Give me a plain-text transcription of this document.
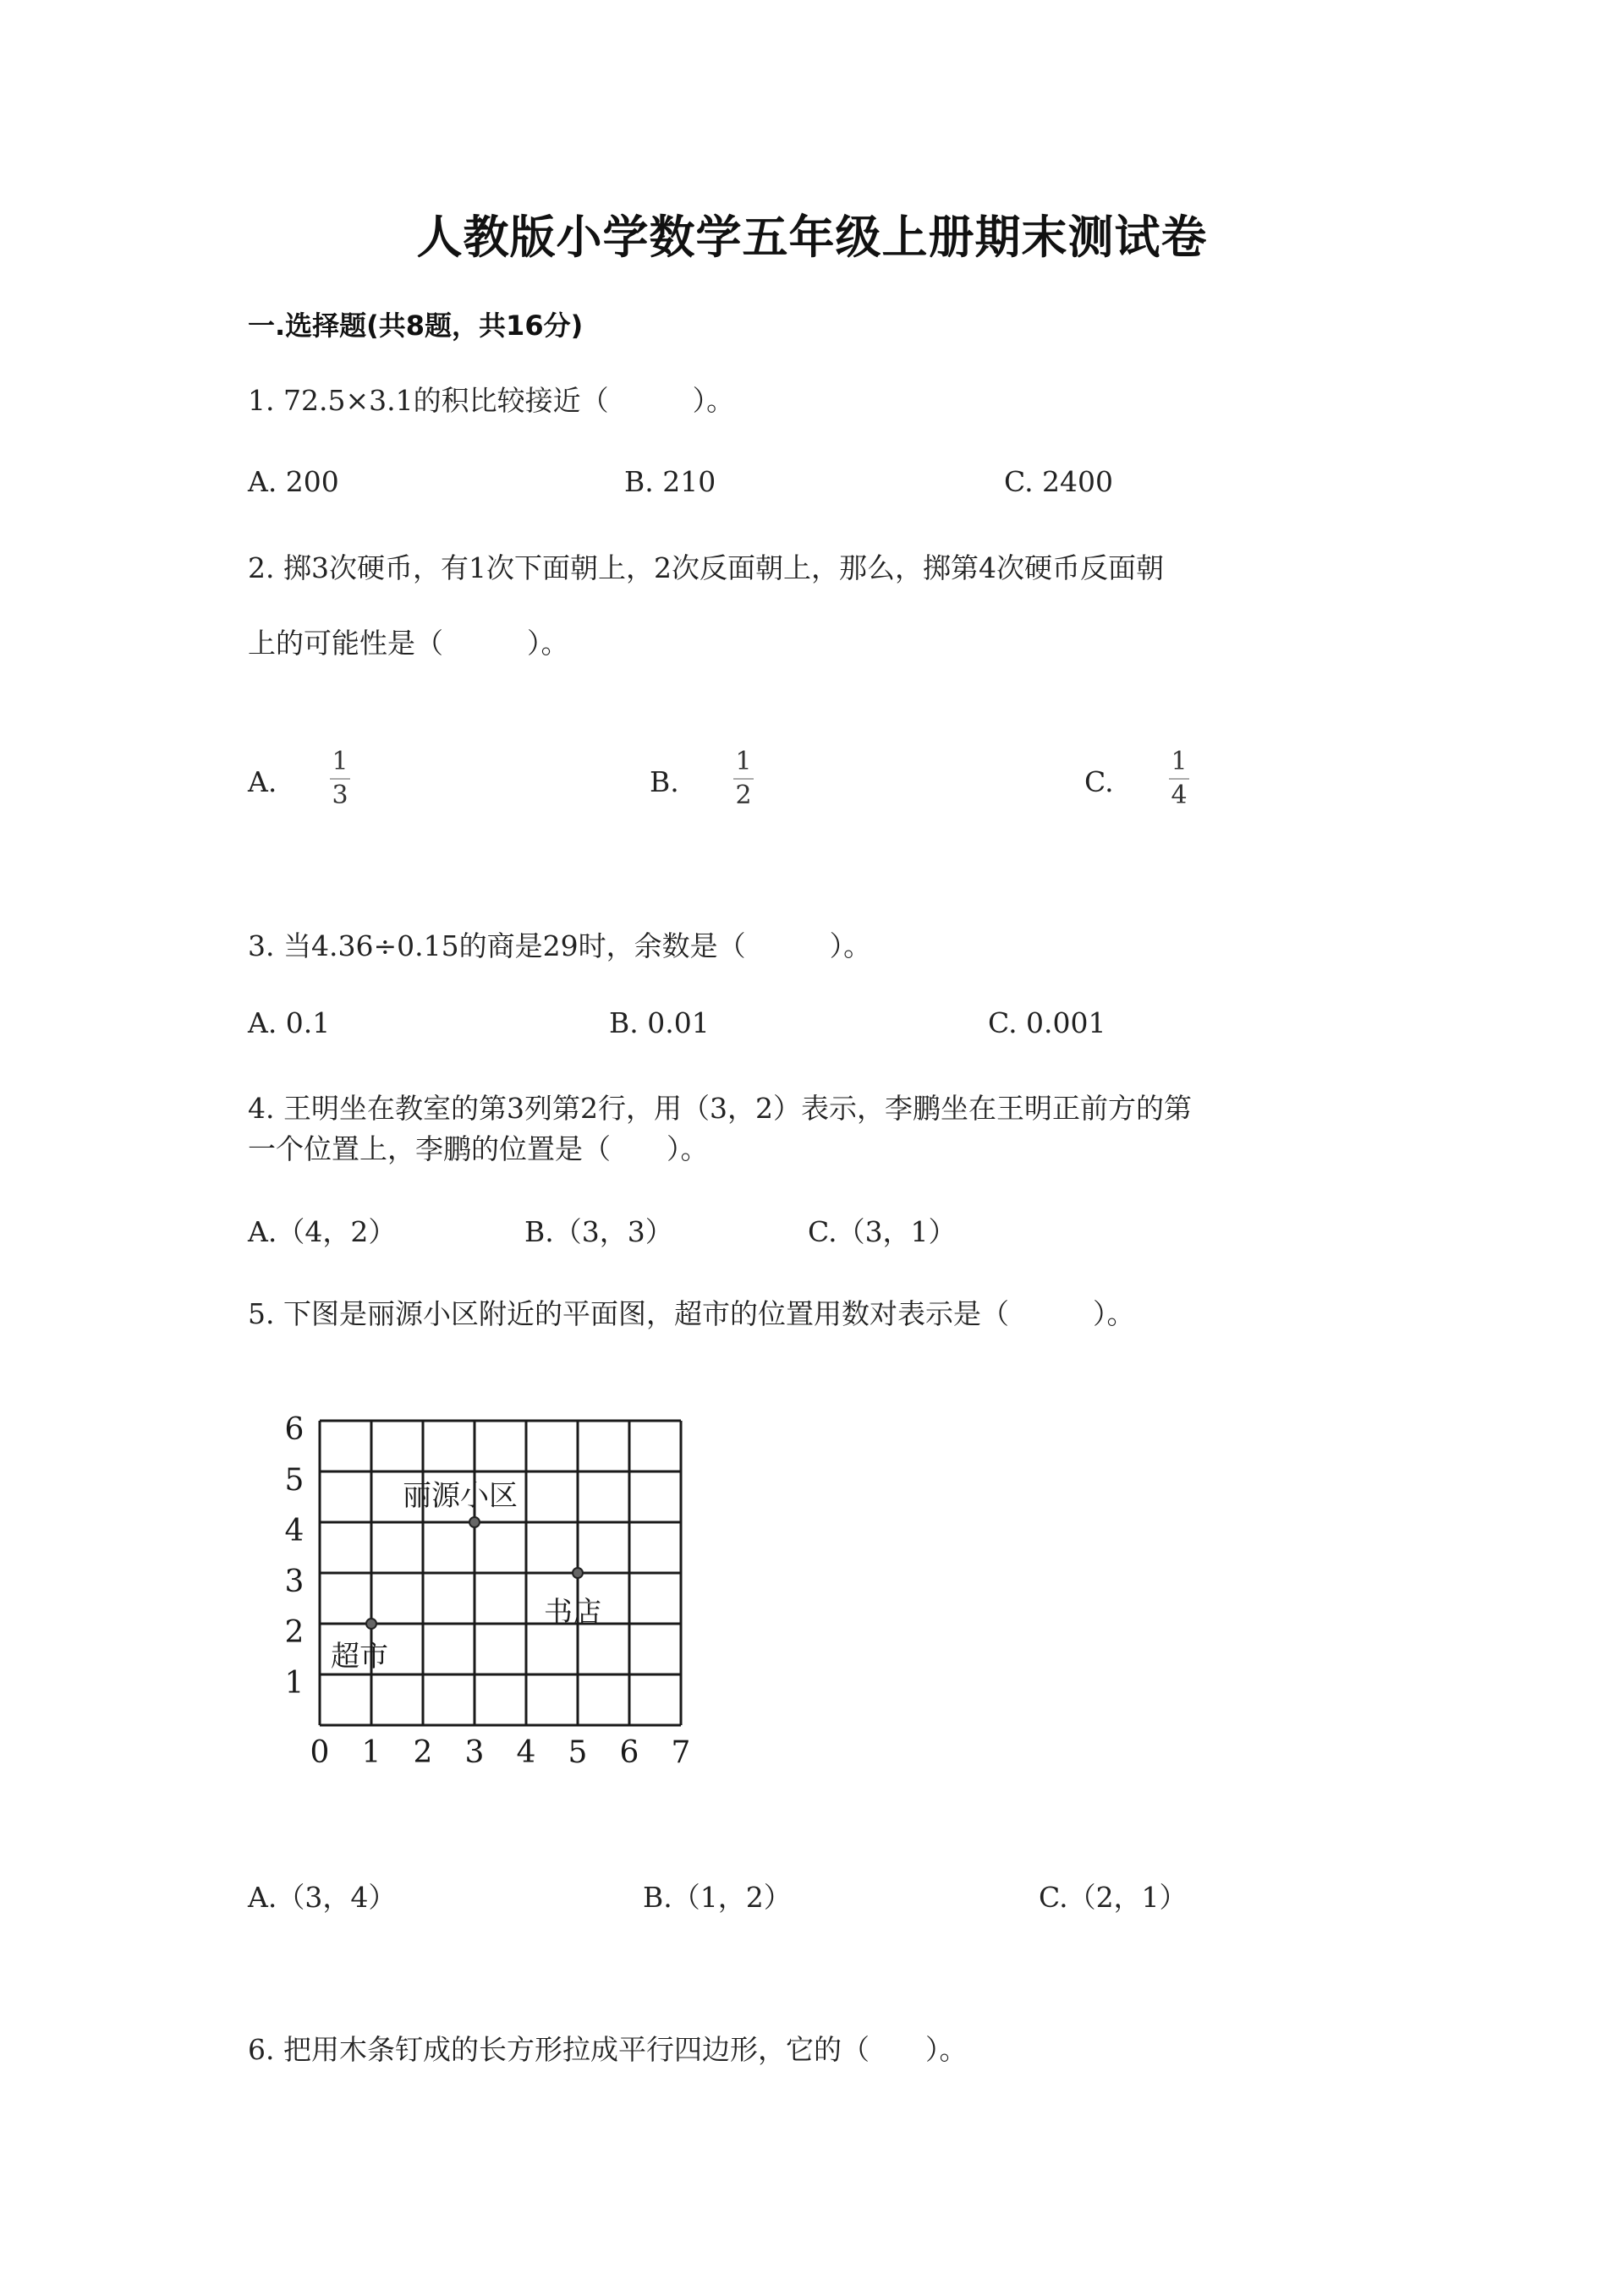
人教版小学数学五年级上册期末测试卷
一.选择题(共8题，共16分)
1. 72.5×3.1的积比较接近（　　　）。
A. 200	B. 210	C. 2400
2. 掷3次硬币，有1次下面朝上，2次反面朝上，那么，掷第4次硬币反面朝
上的可能性是（　　　）。
A. $\frac{1}{3}$	B. $\frac{1}{2}$	C. $\frac{1}{4}$
3. 当4.36÷0.15的商是29时，余数是（　　　）。
A. 0.1	B. 0.01	C. 0.001
4. 王明坐在教室的第3列第2行，用（3，2）表示，李鹏坐在王明正前方的第
一个位置上，李鹏的位置是（　　）。
A.（4，2）	B.（3，3）	C.（3，1）
5. 下图是丽源小区附近的平面图，超市的位置用数对表示是（　　　）。
0 1 2 3 4 5 6 7
1
2
3
4
5
6
丽源小区
书店
超市
A.（3，4）	B.（1，2）	C.（2，1）
6. 把用木条钉成的长方形拉成平行四边形，它的（　　）。
